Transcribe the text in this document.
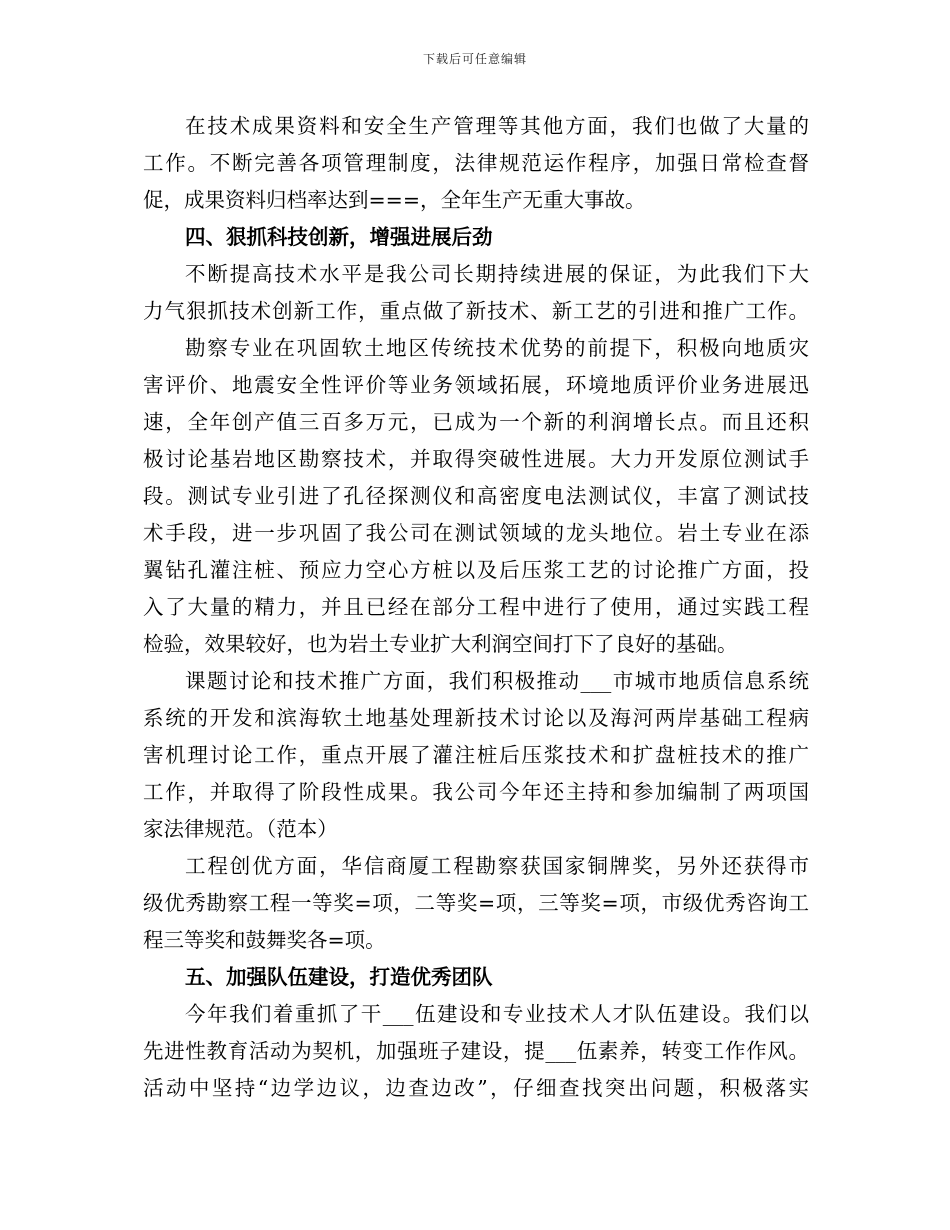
下载后可任意编辑
在技术成果资料和安全生产管理等其他方面，我们也做了大量的
工作。不断完善各项管理制度，法律规范运作程序，加强日常检查督
促，成果资料归档率达到===，全年生产无重大事故。
四、狠抓科技创新，增强进展后劲
不断提高技术水平是我公司长期持续进展的保证，为此我们下大
力气狠抓技术创新工作，重点做了新技术、新工艺的引进和推广工作。
勘察专业在巩固软土地区传统技术优势的前提下，积极向地质灾
害评价、地震安全性评价等业务领域拓展，环境地质评价业务进展迅
速，全年创产值三百多万元，已成为一个新的利润增长点。而且还积
极讨论基岩地区勘察技术，并取得突破性进展。大力开发原位测试手
段。测试专业引进了孔径探测仪和高密度电法测试仪，丰富了测试技
术手段，进一步巩固了我公司在测试领域的龙头地位。岩土专业在添
翼钻孔灌注桩、预应力空心方桩以及后压浆工艺的讨论推广方面，投
入了大量的精力，并且已经在部分工程中进行了使用，通过实践工程
检验，效果较好，也为岩土专业扩大利润空间打下了良好的基础。
课题讨论和技术推广方面，我们积极推动___市城市地质信息系统
系统的开发和滨海软土地基处理新技术讨论以及海河两岸基础工程病
害机理讨论工作，重点开展了灌注桩后压浆技术和扩盘桩技术的推广
工作，并取得了阶段性成果。我公司今年还主持和参加编制了两项国
家法律规范。（范本）
工程创优方面，华信商厦工程勘察获国家铜牌奖，另外还获得市
级优秀勘察工程一等奖=项，二等奖=项，三等奖=项，市级优秀咨询工
程三等奖和鼓舞奖各=项。
五、加强队伍建设，打造优秀团队
今年我们着重抓了干___伍建设和专业技术人才队伍建设。我们以
先进性教育活动为契机，加强班子建设，提___伍素养，转变工作作风。
活动中坚持“边学边议，边查边改”，仔细查找突出问题，积极落实
